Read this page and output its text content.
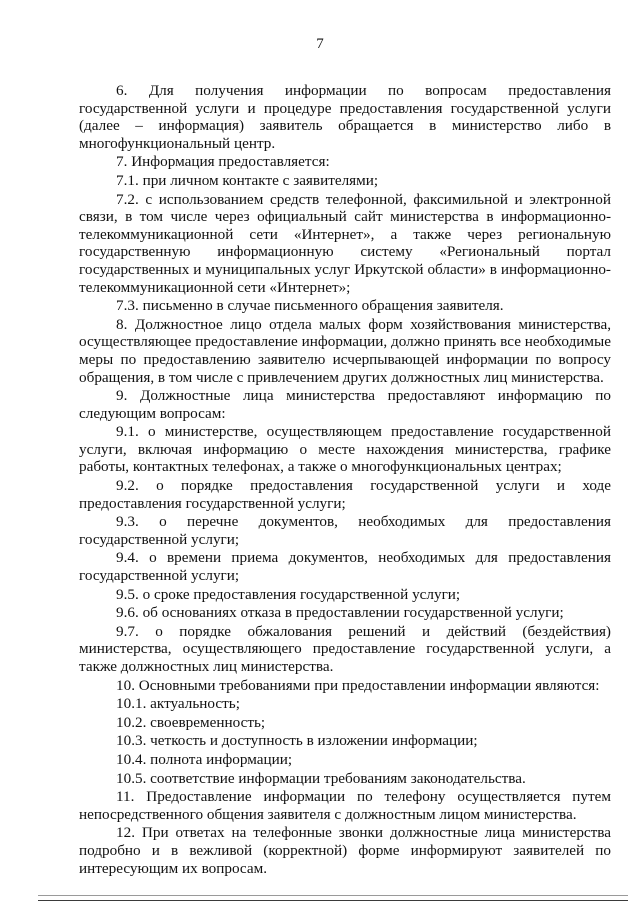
7

6. Для получения информации по вопросам предоставления государственной услуги и процедуре предоставления государственной услуги (далее – информация) заявитель обращается в министерство либо в многофункциональный центр.

7. Информация предоставляется:

7.1. при личном контакте с заявителями;

7.2. с использованием средств телефонной, факсимильной и электронной связи, в том числе через официальный сайт министерства в информационно-телекоммуникационной сети «Интернет», а также через региональную государственную информационную систему «Региональный портал государственных и муниципальных услуг Иркутской области» в информационно-телекоммуникационной сети «Интернет»;

7.3. письменно в случае письменного обращения заявителя.

8. Должностное лицо отдела малых форм хозяйствования министерства, осуществляющее предоставление информации, должно принять все необходимые меры по предоставлению заявителю исчерпывающей информации по вопросу обращения, в том числе с привлечением других должностных лиц министерства.

9. Должностные лица министерства предоставляют информацию по следующим вопросам:

9.1. о министерстве, осуществляющем предоставление государственной услуги, включая информацию о месте нахождения министерства, графике работы, контактных телефонах, а также о многофункциональных центрах;

9.2. о порядке предоставления государственной услуги и ходе предоставления государственной услуги;

9.3. о перечне документов, необходимых для предоставления государственной услуги;

9.4. о времени приема документов, необходимых для предоставления государственной услуги;

9.5. о сроке предоставления государственной услуги;

9.6. об основаниях отказа в предоставлении государственной услуги;

9.7. о порядке обжалования решений и действий (бездействия) министерства, осуществляющего предоставление государственной услуги, а также должностных лиц министерства.

10. Основными требованиями при предоставлении информации являются:

10.1. актуальность;

10.2. своевременность;

10.3. четкость и доступность в изложении информации;

10.4. полнота информации;

10.5. соответствие информации требованиям законодательства.

11. Предоставление информации по телефону осуществляется путем непосредственного общения заявителя с должностным лицом министерства.

12. При ответах на телефонные звонки должностные лица министерства подробно и в вежливой (корректной) форме информируют заявителей по интересующим их вопросам.
